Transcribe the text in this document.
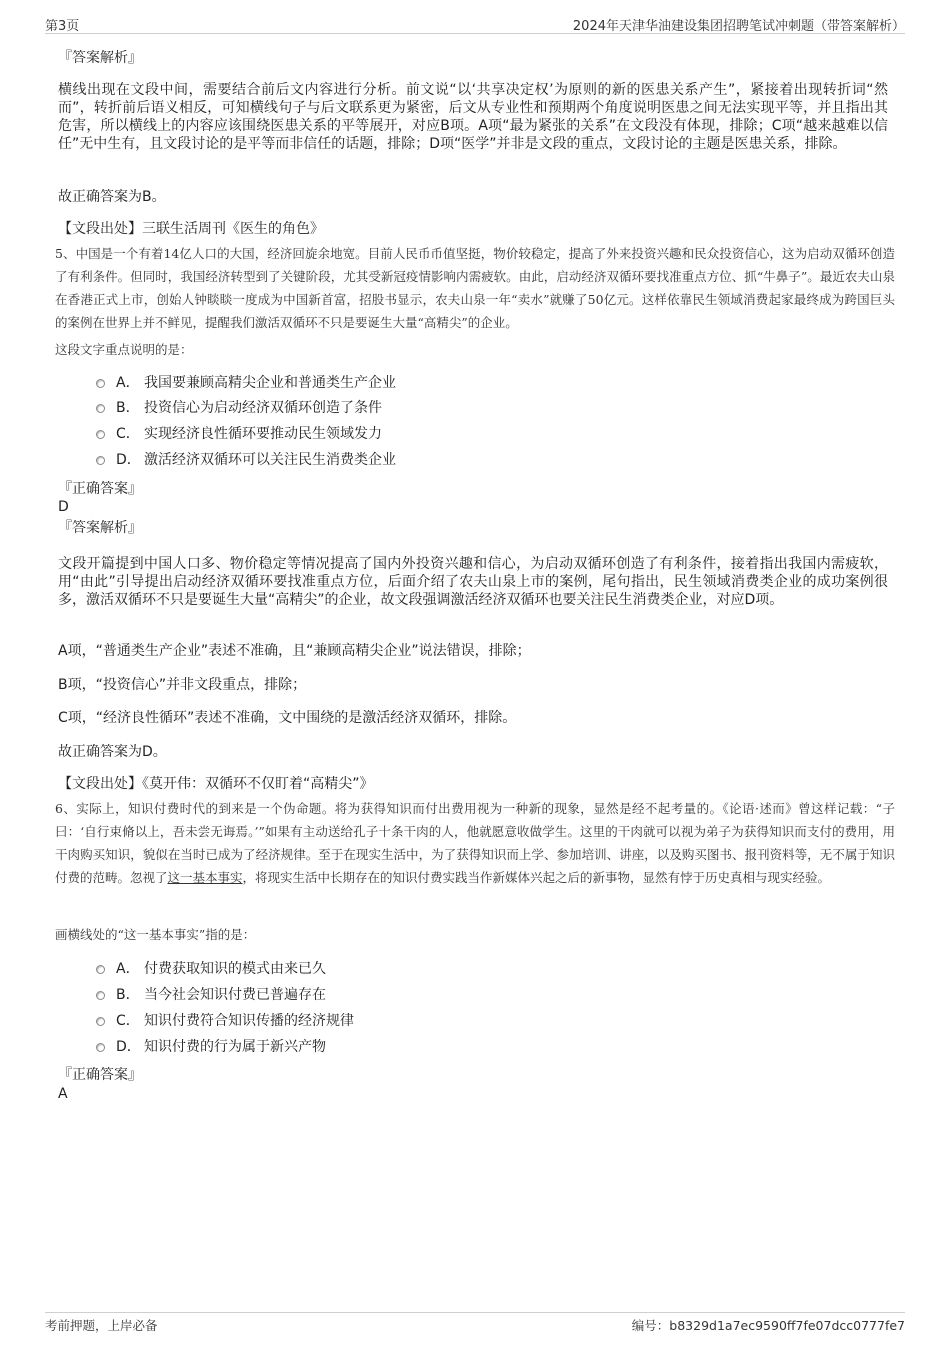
第3页	2024年天津华油建设集团招聘笔试冲刺题（带答案解析）
『答案解析』
横线出现在文段中间，需要结合前后文内容进行分析。前文说“以‘共享决定权’为原则的新的医患关系产生”，紧接着出现转折词“然而”，转折前后语义相反，可知横线句子与后文联系更为紧密，后文从专业性和预期两个角度说明医患之间无法实现平等，并且指出其危害，所以横线上的内容应该围绕医患关系的平等展开，对应B项。A项“最为紧张的关系”在文段没有体现，排除；C项“越来越难以信任”无中生有，且文段讨论的是平等而非信任的话题，排除；D项“医学”并非是文段的重点，文段讨论的主题是医患关系，排除。
故正确答案为B。
【文段出处】三联生活周刊《医生的角色》
5、中国是一个有着14亿人口的大国，经济回旋余地宽。目前人民币币值坚挺，物价较稳定，提高了外来投资兴趣和民众投资信心，这为启动双循环创造了有利条件。但同时，我国经济转型到了关键阶段，尤其受新冠疫情影响内需疲软。由此，启动经济双循环要找准重点方位、抓“牛鼻子”。最近农夫山泉在香港正式上市，创始人钟睒睒一度成为中国新首富，招股书显示，农夫山泉一年“卖水”就赚了50亿元。这样依靠民生领域消费起家最终成为跨国巨头的案例在世界上并不鲜见，提醒我们激活双循环不只是要诞生大量“高精尖”的企业。
这段文字重点说明的是：
A． 我国要兼顾高精尖企业和普通类生产企业
B． 投资信心为启动经济双循环创造了条件
C． 实现经济良性循环要推动民生领域发力
D． 激活经济双循环可以关注民生消费类企业
『正确答案』
D
『答案解析』
文段开篇提到中国人口多、物价稳定等情况提高了国内外投资兴趣和信心，为启动双循环创造了有利条件，接着指出我国内需疲软，用“由此”引导提出启动经济双循环要找准重点方位，后面介绍了农夫山泉上市的案例，尾句指出，民生领域消费类企业的成功案例很多，激活双循环不只是要诞生大量“高精尖”的企业，故文段强调激活经济双循环也要关注民生消费类企业，对应D项。
A项，“普通类生产企业”表述不准确，且“兼顾高精尖企业”说法错误，排除；
B项，“投资信心”并非文段重点，排除；
C项，“经济良性循环”表述不准确，文中围绕的是激活经济双循环，排除。
故正确答案为D。
【文段出处】《莫开伟：双循环不仅盯着“高精尖”》
6、实际上，知识付费时代的到来是一个伪命题。将为获得知识而付出费用视为一种新的现象，显然是经不起考量的。《论语·述而》曾这样记载：“子曰：‘自行束脩以上，吾未尝无诲焉。’”如果有主动送给孔子十条干肉的人，他就愿意收做学生。这里的干肉就可以视为弟子为获得知识而支付的费用，用干肉购买知识，貌似在当时已成为了经济规律。至于在现实生活中，为了获得知识而上学、参加培训、讲座，以及购买图书、报刊资料等，无不属于知识付费的范畴。忽视了这一基本事实，将现实生活中长期存在的知识付费实践当作新媒体兴起之后的新事物，显然有悖于历史真相与现实经验。
画横线处的“这一基本事实”指的是：
A． 付费获取知识的模式由来已久
B． 当今社会知识付费已普遍存在
C． 知识付费符合知识传播的经济规律
D． 知识付费的行为属于新兴产物
『正确答案』
A
考前押题，上岸必备	编号：b8329d1a7ec9590ff7fe07dcc0777fe7
